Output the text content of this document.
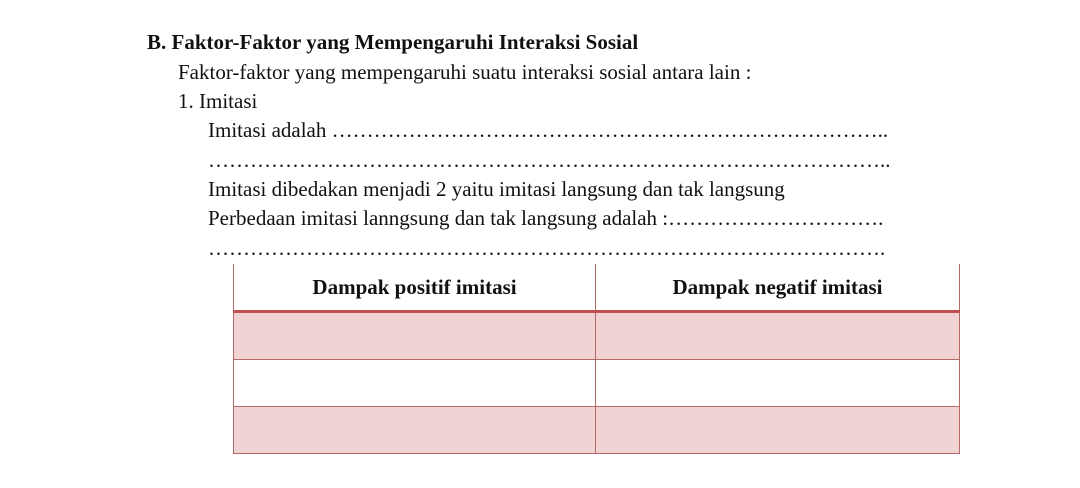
B. Faktor-Faktor yang Mempengaruhi Interaksi Sosial
Faktor-faktor yang mempengaruhi suatu interaksi sosial antara lain :
1. Imitasi
Imitasi adalah ……………………………………………………………………..
……………………………………………………………………………………..
Imitasi dibedakan menjadi 2 yaitu imitasi langsung dan tak langsung
Perbedaan imitasi lanngsung dan tak langsung adalah :………………………….
…………………………………………………………………………………….
Dampak positif imitasi	Dampak negatif imitasi
